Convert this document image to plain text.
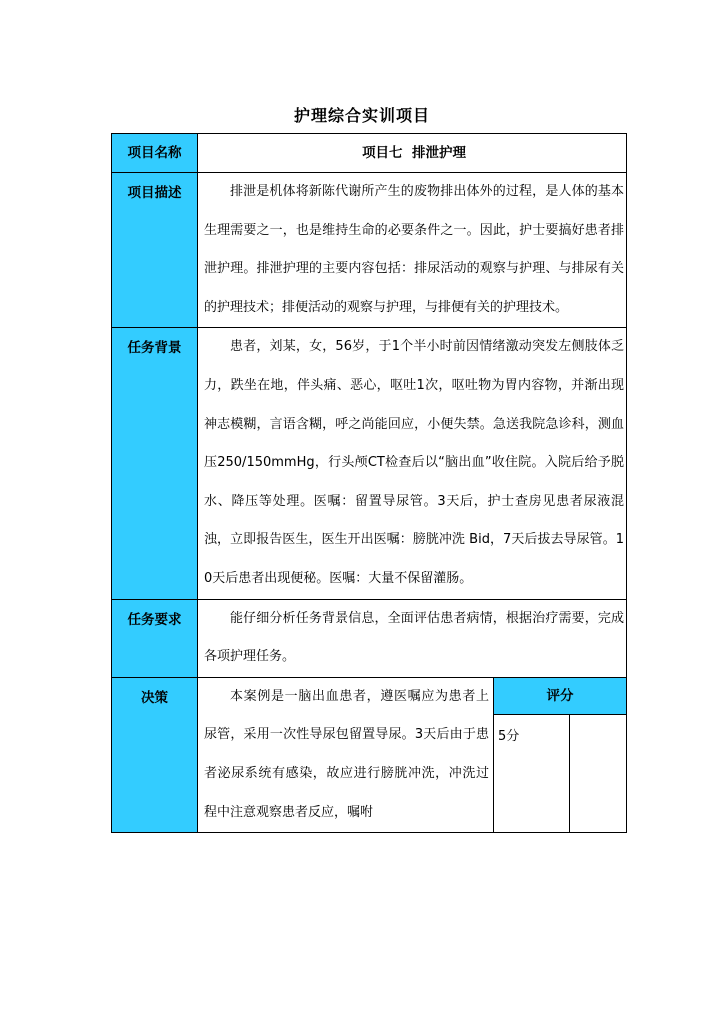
护理综合实训项目
项目名称	项目七  排泄护理		

项目描述	排泄是机体将新陈代谢所产生的废物排出体外的过程，是人体的基本生理需要之一，也是维持生命的必要条件之一。因此，护士要搞好患者排泄护理。排泄护理的主要内容包括：排尿活动的观察与护理、与排尿有关的护理技术；排便活动的观察与护理，与排便有关的护理技术。		

任务背景	患者，刘某，女，56岁，于1个半小时前因情绪激动突发左侧肢体乏力，跌坐在地，伴头痛、恶心，呕吐1次，呕吐物为胃内容物，并渐出现神志模糊，言语含糊，呼之尚能回应，小便失禁。急送我院急诊科，测血压250/150mmHg，行头颅CT检查后以“脑出血”收住院。入院后给予脱水、降压等处理。医嘱：留置导尿管。3天后，护士查房见患者尿液混浊，立即报告医生，医生开出医嘱：膀胱冲洗 Bid，7天后拔去导尿管。10天后患者出现便秘。医嘱：大量不保留灌肠。		

任务要求	能仔细分析任务背景信息，全面评估患者病情，根据治疗需要，完成各项护理任务。		

决策	本案例是一脑出血患者，遵医嘱应为患者上尿管，采用一次性导尿包留置导尿。3天后由于患者泌尿系统有感染，故应进行膀胱冲洗，冲洗过程中注意观察患者反应，嘱咐	评分	
		5分	
